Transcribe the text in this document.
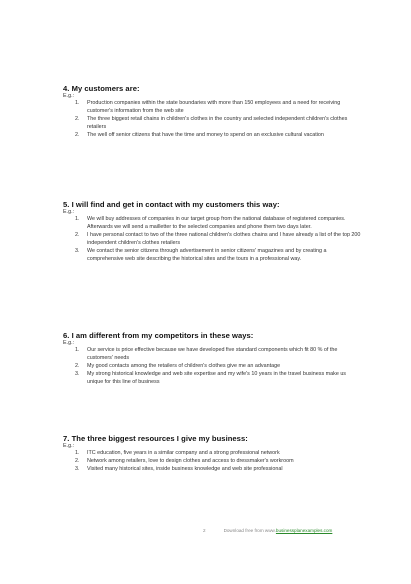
4. My customers are:

E.g.:

1. Production companies within the state boundaries with more than 150 employees and a need for receiving customer's information from the web site
2. The three biggest retail chains in children's clothes in the country and selected independent children's clothes retailers
2. The well off senior citizens that have the time and money to spend on an exclusive cultural vacation

5. I will find and get in contact with my customers this way:

E.g.:

1. We will buy addresses of companies in our target group from the national database of registered companies. Afterwards we will send a mailletter to the selected companies and phone them two days later.
2. I have personal contact to two of the three national children's clothes chains and I have already a list of the top 200 independent children's clothes retailers
3. We contact the senior citizens through advertisement in senior citizens' magazines and by creating a comprehensive web site describing the historical sites and the tours in a professional way.

6. I am different from my competitors in these ways:

E.g.:

1. Our service is price effective because we have developed five standard components which fit 80 % of the customers' needs
2. My good contacts among the retailers of children's clothes give me an advantage
3. My strong historical knowledge and web site expertise and my wife's 10 years in the travel business make us unique for this line of business

7. The three biggest resources I give my business:

E.g.:

1. ITC education, five years in a similar company and a strong professional network
2. Network among retailers, love to design clothes and access to dressmaker's workroom
3. Visited many historical sites, inside business knowledge and web site professional
2	Download free from www.businessplanexamples.com
